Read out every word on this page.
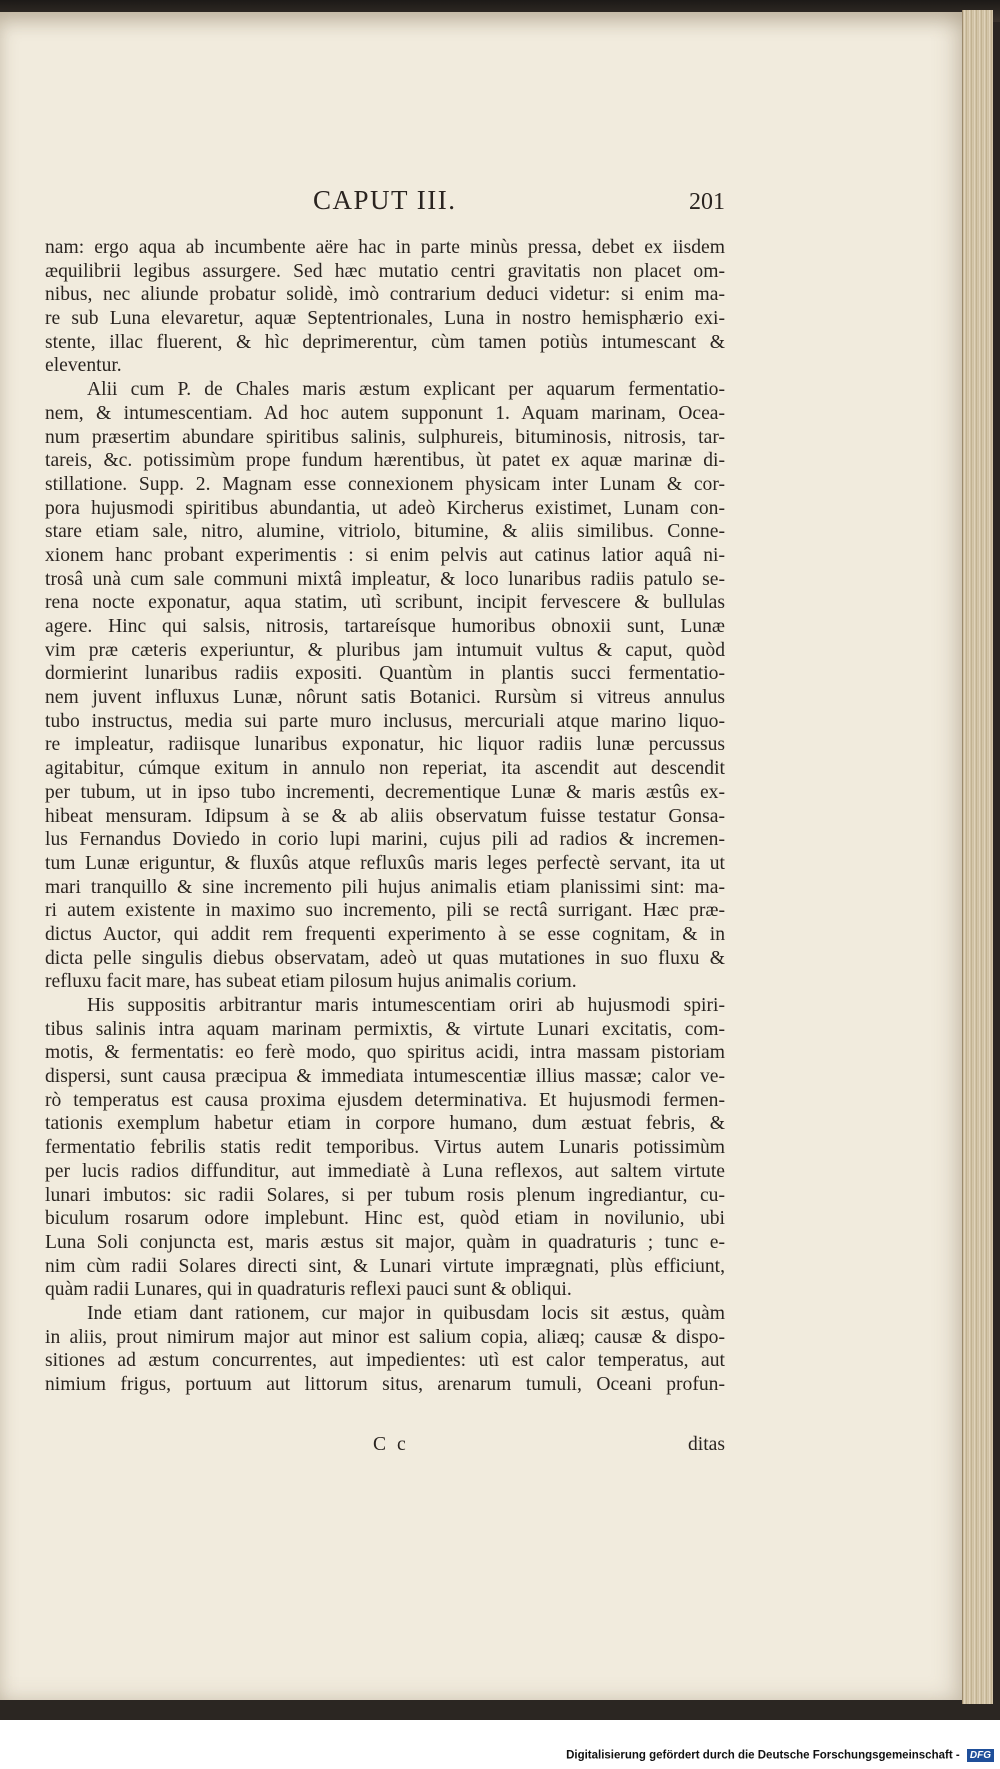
CAPUT III.	201
nam: ergo aqua ab incumbente aëre hac in parte minùs pressa, debet ex iisdem
æquilibrii legibus assurgere. Sed hæc mutatio centri gravitatis non placet om-
nibus, nec aliunde probatur solidè, imò contrarium deduci videtur: si enim ma-
re sub Luna elevaretur, aquæ Septentrionales, Luna in nostro hemisphærio exi-
stente, illac fluerent, & hìc deprimerentur, cùm tamen potiùs intumescant &
eleventur.
Alii cum P. de Chales maris æstum explicant per aquarum fermentatio-
nem, & intumescentiam. Ad hoc autem supponunt 1. Aquam marinam, Ocea-
num præsertim abundare spiritibus salinis, sulphureis, bituminosis, nitrosis, tar-
tareis, &c. potissimùm prope fundum hærentibus, ùt patet ex aquæ marinæ di-
stillatione. Supp. 2. Magnam esse connexionem physicam inter Lunam & cor-
pora hujusmodi spiritibus abundantia, ut adeò Kircherus existimet, Lunam con-
stare etiam sale, nitro, alumine, vitriolo, bitumine, & aliis similibus. Conne-
xionem hanc probant experimentis : si enim pelvis aut catinus latior aquâ ni-
trosâ unà cum sale communi mixtâ impleatur, & loco lunaribus radiis patulo se-
rena nocte exponatur, aqua statim, utì scribunt, incipit fervescere & bullulas
agere. Hinc qui salsis, nitrosis, tartareísque humoribus obnoxii sunt, Lunæ
vim præ cæteris experiuntur, & pluribus jam intumuit vultus & caput, quòd
dormierint lunaribus radiis expositi. Quantùm in plantis succi fermentatio-
nem juvent influxus Lunæ, nôrunt satis Botanici. Rursùm si vitreus annulus
tubo instructus, media sui parte muro inclusus, mercuriali atque marino liquo-
re impleatur, radiisque lunaribus exponatur, hic liquor radiis lunæ percussus
agitabitur, cúmque exitum in annulo non reperiat, ita ascendit aut descendit
per tubum, ut in ipso tubo incrementi, decrementique Lunæ & maris æstûs ex-
hibeat mensuram. Idipsum à se & ab aliis observatum fuisse testatur Gonsa-
lus Fernandus Doviedo in corio lupi marini, cujus pili ad radios & incremen-
tum Lunæ eriguntur, & fluxûs atque refluxûs maris leges perfectè servant, ita ut
mari tranquillo & sine incremento pili hujus animalis etiam planissimi sint: ma-
ri autem existente in maximo suo incremento, pili se rectâ surrigant. Hæc præ-
dictus Auctor, qui addit rem frequenti experimento à se esse cognitam, & in
dicta pelle singulis diebus observatam, adeò ut quas mutationes in suo fluxu &
refluxu facit mare, has subeat etiam pilosum hujus animalis corium.
His suppositis arbitrantur maris intumescentiam oriri ab hujusmodi spiri-
tibus salinis intra aquam marinam permixtis, & virtute Lunari excitatis, com-
motis, & fermentatis: eo ferè modo, quo spiritus acidi, intra massam pistoriam
dispersi, sunt causa præcipua & immediata intumescentiæ illius massæ; calor ve-
rò temperatus est causa proxima ejusdem determinativa. Et hujusmodi fermen-
tationis exemplum habetur etiam in corpore humano, dum æstuat febris, &
fermentatio febrilis statis redit temporibus. Virtus autem Lunaris potissimùm
per lucis radios diffunditur, aut immediatè à Luna reflexos, aut saltem virtute
lunari imbutos: sic radii Solares, si per tubum rosis plenum ingrediantur, cu-
biculum rosarum odore implebunt. Hinc est, quòd etiam in novilunio, ubi
Luna Soli conjuncta est, maris æstus sit major, quàm in quadraturis ; tunc e-
nim cùm radii Solares directi sint, & Lunari virtute imprægnati, plùs efficiunt,
quàm radii Lunares, qui in quadraturis reflexi pauci sunt & obliqui.
Inde etiam dant rationem, cur major in quibusdam locis sit æstus, quàm
in aliis, prout nimirum major aut minor est salium copia, aliæq; causæ & dispo-
sitiones ad æstum concurrentes, aut impedientes: utì est calor temperatus, aut
nimium frigus, portuum aut littorum situs, arenarum tumuli, Oceani profun-
C c	ditas
Digitalisierung gefördert durch die Deutsche Forschungsgemeinschaft - DFG
